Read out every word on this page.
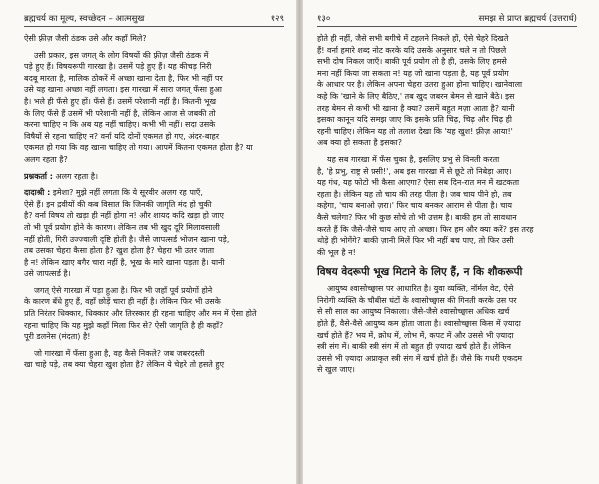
ब्रह्मचर्य का मूल्य, स्वच्छेदन – आत्मसुख	१२९

ऐसी फ़्रीज़ जैसी ठंडक उसे और कहाँ मिले?

उसी प्रकार, इस जगत् के लोग विषयों की फ़्रीज़ जैसी ठंडक में
पड़े हुए हैं। विषयरूपी गारखा है। उसमें पड़े हुए हैं। यह कीचड़ निरी
बदबू मारता है, मालिक ठोकरें में अच्छा खाना देता है, फिर भी नहीं पर
उसे यह खाना अच्छा नहीं लगता। इस गारखा में सारा जगत् फँसा हुआ
है। भले ही फँसे हुए हों। फँसे हैं। उसमें परेशानी नहीं है। कितनी भूख
के लिए फँसे हैं उसमें भी परेशानी नहीं है, लेकिन आज से जबकी तो
करना चाहिए न कि अब यह नहीं चाहिए। कभी भी नहीं। सदा उसके
विषैयों से रहना चाहिए न? वर्ना यदि दोनों एकमत हो गए, अंदर-बाहर
एकमत हो गया कि वह खाना चाहिए तो गया। आपमें कितना एकमत होता है? या
अलग रहता है?

प्रश्नकर्ता : अलग रहता है।

दादाश्री : इमेशा? मुझे नहीं लगता कि ये सूरवीर अलग रह पाएँ,
ऐसे हैं। इन द्रवीयों की कब विसात कि जिनकी जागृति मंद हो चुकी
है? वर्ना विषय तो खड़ा ही नहीं होगा न! और शायद कदि खड़ा हो जाए
तो भी पूर्व प्रयोग होने के कारण। लेकिन तब भी खुद दूरि मिलावसाली
नहीं होती, गिरी उज्ज्वाली दृष्टि होती है। जैसे जापत्सर्ड भोजन खाना पड़े,
तब उसका चेहरा कैसा होता है? खुश होता है? चेहरा भी उतर जाता
है न! लेकिन खाए बगैर चारा नहीं है, भूख के मारे खाना पड़ता है। यानी
उसे जापत्सर्ड है।

जगत् ऐसे गारखा में पड़ा हुआ है। फिर भी जहाँ पूर्व प्रयोगों होने
के कारण बँधे हुए हैं, वहाँ छोड़ें चारा ही नहीं है। लेकिन फिर भी उसके
प्रति निरंतर धिक्कार, धिक्कार और तिरस्कार ही रहना चाहिए और मन में ऐसा होते
रहना चाहिए कि यह मुझे कहाँ मिला फिर से? ऐसी जागृति है ही कहाँ?
पूरी डलनेस (मंदता) है!

जो गारखा में फँसा हुआ है, वह कैसे निकले? जब जबरदस्ती
खा चाहे पड़े, तब क्या चेहरा खुश होता है? लेकिन ये चेहरे तो हसते हुए

१३०	समझ से प्राप्त ब्रह्मचर्य (उत्तरार्ध)

होते ही नहीं, जैसे सभी बगीचे में टहलने निकले हों, ऐसे चेहरे दिखते
हैं! वर्ना हमारे शब्द नोट करके यदि उसके अनुसार चले न तो पिछले
सभी दोष निकल जाएँ। बाकी पूर्व प्रयोग तो है ही, उसके लिए हमसे
मना नहीं किया जा सकता न! यह जो खाना पड़ता है, यह पूर्व प्रयोग
के आधार पर है। लेकिन अपना चेहरा उतरा हुआ होना चाहिए। खानेवाला
कहे कि 'खाने के लिए बैठिए,' तब खुद जबरन बेमन से खाने बैठे। इस
तरह बेमन से कभी भी खाना है क्या? उसमें बहुत मज़ा आता है? यानी
इसका कानून यदि समझ जाए कि इसके प्रति चिढ़, चिढ़ और चिढ़ ही
रहनी चाहिए। लेकिन यह तो तलाश देखा कि 'यह खुश! फ़्रीज़ आया!'
अब क्या हो सकता है इसका?

यह सब गारखा में फँस चुका है, इसलिए प्रभु से विनती करता
है, 'हे प्रभु, राष्ट्र से फ़्सी!', अब इस गारखा में से छूटे तो निबेड़ा आए।
यह गंध, यह फोटो भी कैसा आएगा? ऐसा सब दिन-रात मन में खटकता
रहता है। लेकिन यह तो चाय की तरह पीता है। जब चाय पीने हो, तब
कहेगा, 'चाय बनाओ ज़रा।' फिर चाय बनकर आराम से पीता है। चाय
कैसे चलेगा? फिर भी कुछ सोचे तो भी उत्तम है। बाकी हम तो सावधान
करते हैं कि जैसे-जैसे चाय आए तो अच्छा। फिर हम और क्या करें? इस तरह
थोड़े ही भोगेंगे? बाकी ज़ानी मिलें फिर भी नहीं बच पाए, तो फिर उसी
की भूल है न!

विषय वेदरूपी भूख मिटाने के लिए हैं, न कि शौकरूपी

आयुष्य श्वासोच्छ्वास पर आधारित है। युवा व्यक्ति, नॉर्मल वेट, ऐसे
निरोगी व्यक्ति के चौबीस घंटों के श्वासोच्छ्वास की गिनती करके उस पर
से सौ साल का आयुष्य निकाला। जैसे-जैसे श्वासोच्छ्वास अधिक खर्च
होते हैं, वैसे-वैसे आयुष्य कम होता जाता है। श्वासोच्छ्वास किस में ज़्यादा
खर्च होते हैं? भय में, क्रोध में, लोभ में, कपट में और उससे भी ज़्यादा
स्त्री संग में। बाकी स्त्री संग में तो बहुत ही ज़्यादा खर्च होते हैं। लेकिन
उससे भी ज़्यादा अप्राकृत स्त्री संग में खर्च होते हैं। जैसे कि गधरी एकदम
से खुल जाए।
